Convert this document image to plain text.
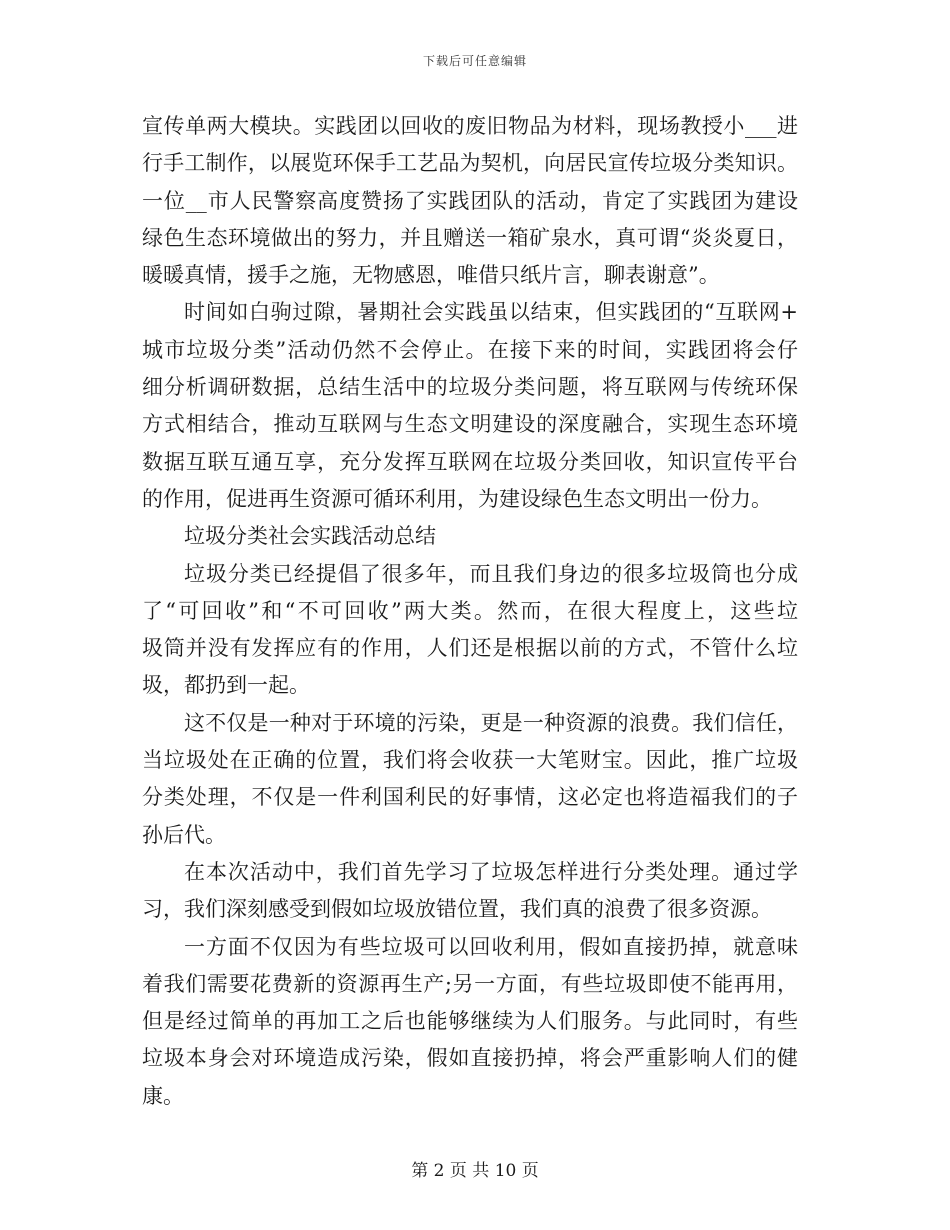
下载后可任意编辑
宣传单两大模块。实践团以回收的废旧物品为材料，现场教授小___进
行手工制作，以展览环保手工艺品为契机，向居民宣传垃圾分类知识。
一位__市人民警察高度赞扬了实践团队的活动，肯定了实践团为建设
绿色生态环境做出的努力，并且赠送一箱矿泉水，真可谓“炎炎夏日，
暖暖真情，援手之施，无物感恩，唯借只纸片言，聊表谢意”。
时间如白驹过隙，暑期社会实践虽以结束，但实践团的“互联网+
城市垃圾分类”活动仍然不会停止。在接下来的时间，实践团将会仔
细分析调研数据，总结生活中的垃圾分类问题，将互联网与传统环保
方式相结合，推动互联网与生态文明建设的深度融合，实现生态环境
数据互联互通互享，充分发挥互联网在垃圾分类回收，知识宣传平台
的作用，促进再生资源可循环利用，为建设绿色生态文明出一份力。
垃圾分类社会实践活动总结
垃圾分类已经提倡了很多年，而且我们身边的很多垃圾筒也分成
了“可回收”和“不可回收”两大类。然而，在很大程度上，这些垃
圾筒并没有发挥应有的作用，人们还是根据以前的方式，不管什么垃
圾，都扔到一起。
这不仅是一种对于环境的污染，更是一种资源的浪费。我们信任，
当垃圾处在正确的位置，我们将会收获一大笔财宝。因此，推广垃圾
分类处理，不仅是一件利国利民的好事情，这必定也将造福我们的子
孙后代。
在本次活动中，我们首先学习了垃圾怎样进行分类处理。通过学
习，我们深刻感受到假如垃圾放错位置，我们真的浪费了很多资源。
一方面不仅因为有些垃圾可以回收利用，假如直接扔掉，就意味
着我们需要花费新的资源再生产;另一方面，有些垃圾即使不能再用，
但是经过简单的再加工之后也能够继续为人们服务。与此同时，有些
垃圾本身会对环境造成污染，假如直接扔掉，将会严重影响人们的健
康。
第 2 页 共 10 页
